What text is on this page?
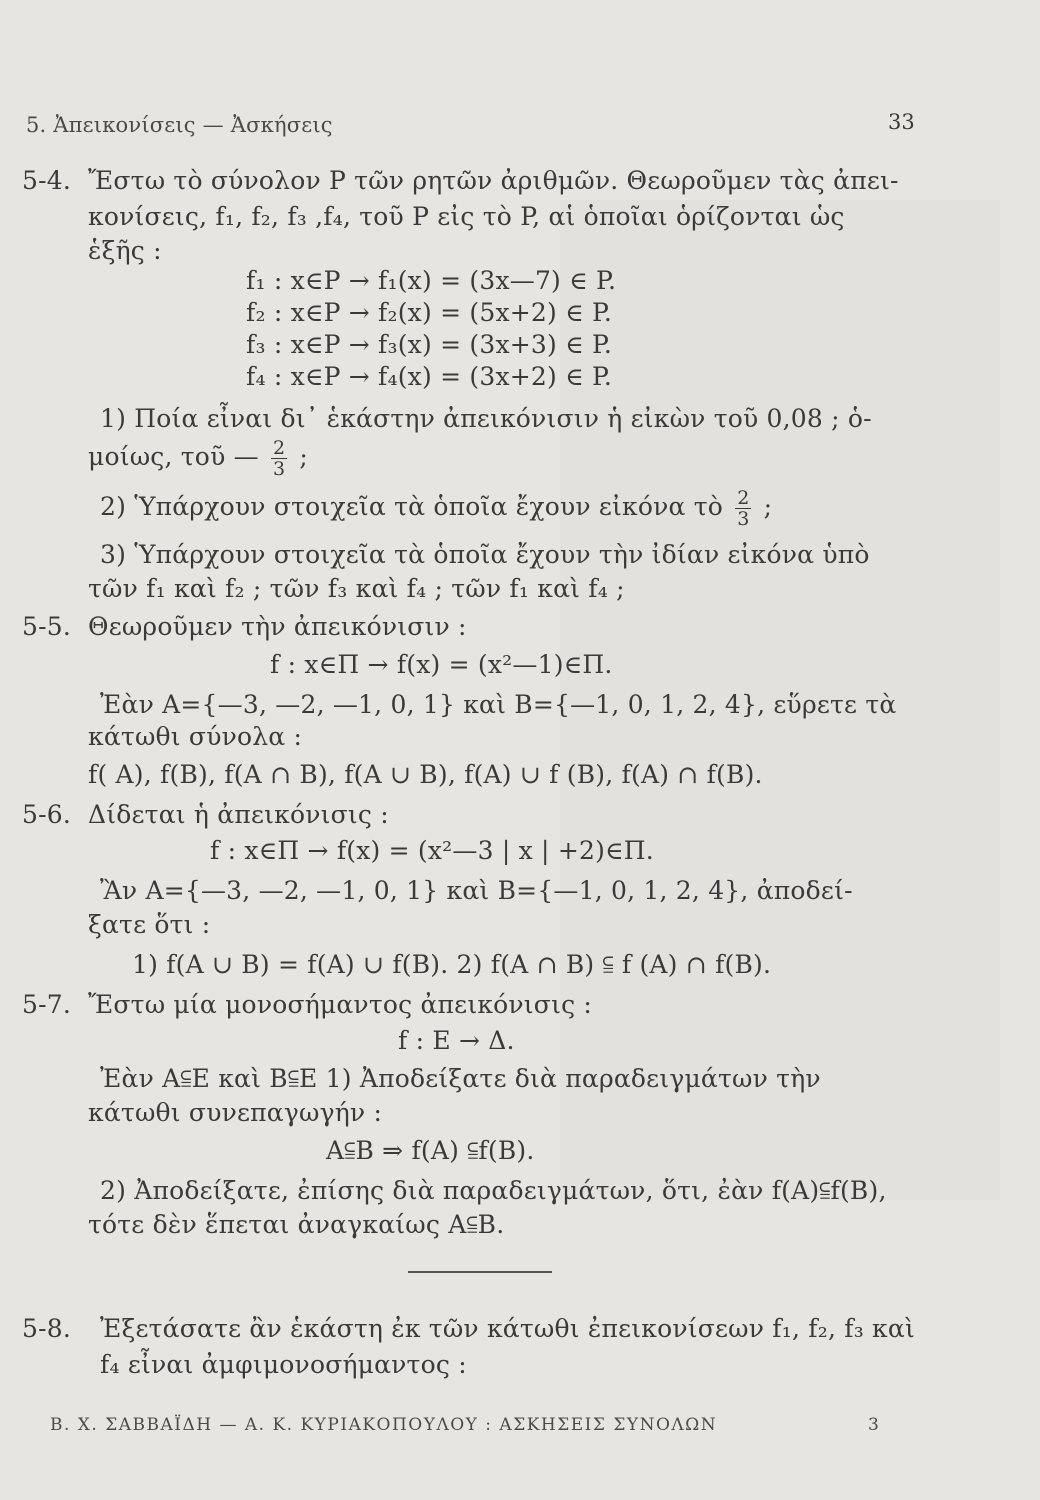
5. Ἀπεικονίσεις — Ἀσκήσεις	33
5-4. Ἔστω τὸ σύνολον P τῶν ρητῶν ἀριθμῶν. Θεωροῦμεν τὰς ἀπει-
κονίσεις, f₁, f₂, f₃ ,f₄, τοῦ P εἰς τὸ P, αἱ ὁποῖαι ὁρίζονται ὡς
ἑξῆς :
f₁ : x∈P → f₁(x) = (3x—7) ∈ P.
f₂ : x∈P → f₂(x) = (5x+2) ∈ P.
f₃ : x∈P → f₃(x) = (3x+3) ∈ P.
f₄ : x∈P → f₄(x) = (3x+2) ∈ P.
1) Ποία εἶναι δι᾽ ἑκάστην ἀπεικόνισιν ἡ εἰκὼν τοῦ 0,08 ; ὁ-
μοίως, τοῦ — $\frac{2}{3}$ ;
2) Ὑπάρχουν στοιχεῖα τὰ ὁποῖα ἔχουν εἰκόνα τὸ $\frac{2}{3}$ ;
3) Ὑπάρχουν στοιχεῖα τὰ ὁποῖα ἔχουν τὴν ἰδίαν εἰκόνα ὑπὸ
τῶν f₁ καὶ f₂ ; τῶν f₃ καὶ f₄ ; τῶν f₁ καὶ f₄ ;
5-5. Θεωροῦμεν τὴν ἀπεικόνισιν :
f : x∈Π → f(x) = (x²—1)∈Π.
Ἐὰν A={—3, —2, —1, 0, 1} καὶ B={—1, 0, 1, 2, 4}, εὕρετε τὰ
κάτωθι σύνολα :
f( A), f(B), f(A ∩ B), f(A ∪ B), f(A) ∪ f (B), f(A) ∩ f(B).
5-6. Δίδεται ἡ ἀπεικόνισις :
f : x∈Π → f(x) = (x²—3 | x | +2)∈Π.
Ἂν A={—3, —2, —1, 0, 1} καὶ B={—1, 0, 1, 2, 4}, ἀποδεί-
ξατε ὅτι :
1) f(A ∪ B) = f(A) ∪ f(B). 2) f(A ∩ B) ⫅ f (A) ∩ f(B).
5-7. Ἔστω μία μονοσήμαντος ἀπεικόνισις :
f : E → Δ.
Ἐὰν A⫅E καὶ B⫅E 1) Ἀποδείξατε διὰ παραδειγμάτων τὴν
κάτωθι συνεπαγωγήν :
A⫅B ⇒ f(A) ⫅f(B).
2) Ἀποδείξατε, ἐπίσης διὰ παραδειγμάτων, ὅτι, ἐὰν f(A)⫅f(B),
τότε δὲν ἕπεται ἀναγκαίως A⫅B.
5-8. Ἐξετάσατε ἂν ἑκάστη ἐκ τῶν κάτωθι ἐπεικονίσεων f₁, f₂, f₃ καὶ
f₄ εἶναι ἀμφιμονοσήμαντος :
Β. Χ. ΣΑΒΒΑΪΔΗ — Α. Κ. ΚΥΡΙΑΚΟΠΟΥΛΟΥ : ΑΣΚΗΣΕΙΣ ΣΥΝΟΛΩΝ	3
